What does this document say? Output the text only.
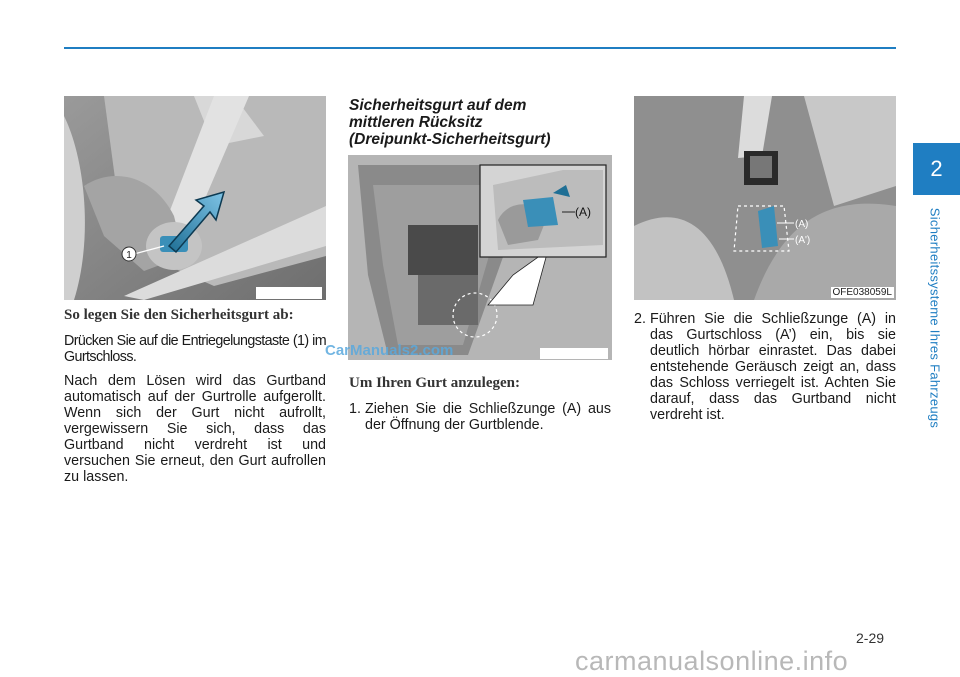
2
Sicherheitssysteme Ihres Fahrzeugs
1
(A)
(A)
(A')
OFE038059L
So legen Sie den Sicherheitsgurt ab:

Drücken Sie auf die Entriegelungstaste (1) im Gurtschloss.

Nach dem Lösen wird das Gurtband automatisch auf der Gurtrolle aufgerollt. Wenn sich der Gurt nicht aufrollt, vergewissern Sie sich, dass das Gurtband nicht verdreht ist und versuchen Sie erneut, den Gurt aufrollen zu lassen.

Sicherheitsgurt auf dem
mittleren Rücksitz
(Dreipunkt-Sicherheitsgurt)
Um Ihren Gurt anzulegen:
1. Ziehen Sie die Schließzunge (A) aus der Öffnung der Gurtblende.
2. Führen Sie die Schließzunge (A) in das Gurtschloss (A’) ein, bis sie deutlich hörbar einrastet. Das dabei entstehende Geräusch zeigt an, dass das Schloss verriegelt ist. Achten Sie darauf, dass das Gurtband nicht verdreht ist.
CarManuals2.com
2-29
carmanualsonline.info
